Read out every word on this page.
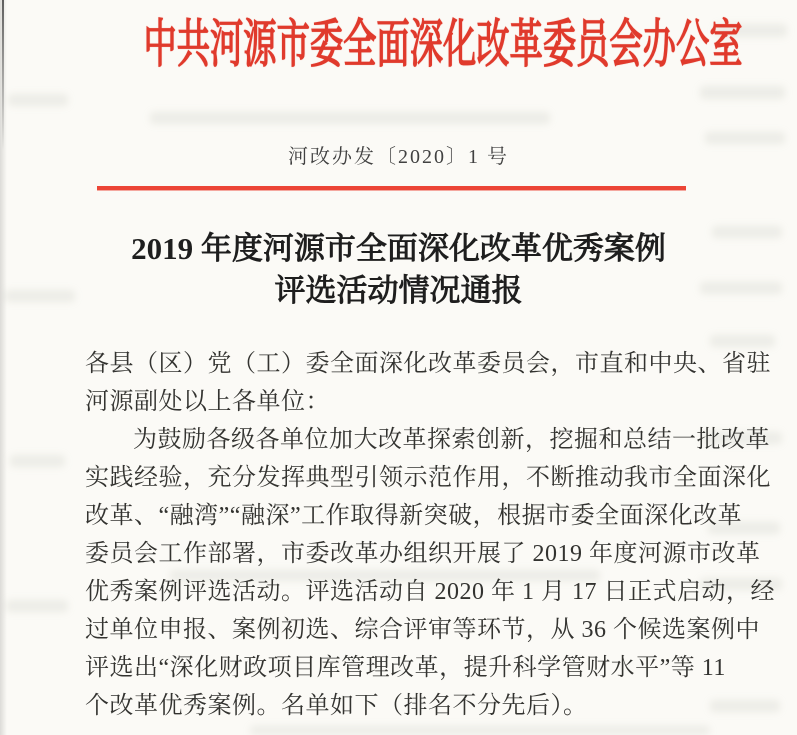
中共河源市委全面深化改革委员会办公室
河改办发〔2020〕1 号
2019 年度河源市全面深化改革优秀案例
评选活动情况通报
各县（区）党（工）委全面深化改革委员会，市直和中央、省驻
河源副处以上各单位：
为鼓励各级各单位加大改革探索创新，挖掘和总结一批改革
实践经验，充分发挥典型引领示范作用，不断推动我市全面深化
改革、“融湾”“融深”工作取得新突破，根据市委全面深化改革
委员会工作部署，市委改革办组织开展了 2019 年度河源市改革
优秀案例评选活动。评选活动自 2020 年 1 月 17 日正式启动，经
过单位申报、案例初选、综合评审等环节，从 36 个候选案例中
评选出“深化财政项目库管理改革，提升科学管财水平”等 11
个改革优秀案例。名单如下（排名不分先后）。
